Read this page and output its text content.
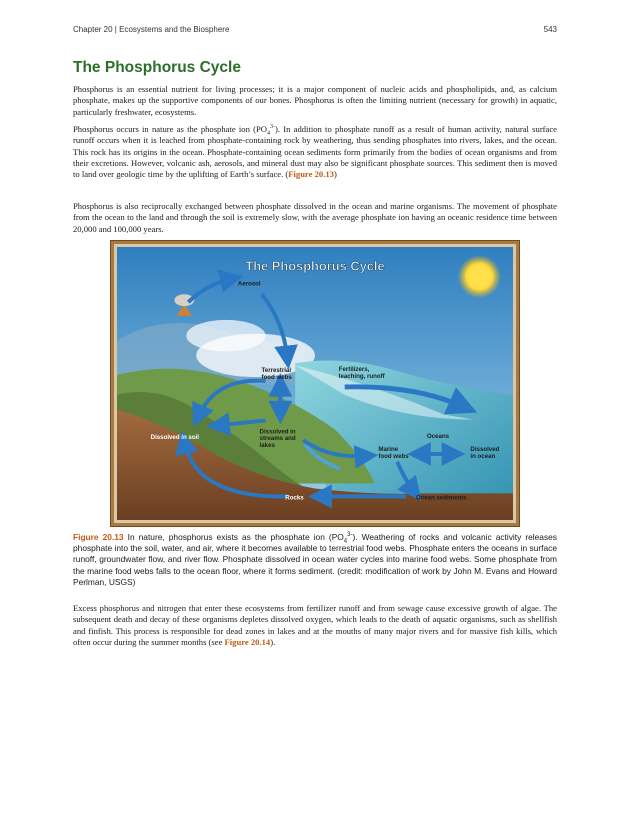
Chapter 20 | Ecosystems and the Biosphere	543
The Phosphorus Cycle

Phosphorus is an essential nutrient for living processes; it is a major component of nucleic acids and phospholipids, and, as calcium phosphate, makes up the supportive components of our bones. Phosphorus is often the limiting nutrient (necessary for growth) in aquatic, particularly freshwater, ecosystems.

Phosphorus occurs in nature as the phosphate ion $(PO_4^{3-})$. In addition to phosphate runoff as a result of human activity, natural surface runoff occurs when it is leached from phosphate-containing rock by weathering, thus sending phosphates into rivers, lakes, and the ocean. This rock has its origins in the ocean. Phosphate-containing ocean sediments form primarily from the bodies of ocean organisms and from their excretions. However, volcanic ash, aerosols, and mineral dust may also be significant phosphate sources. This sediment then is moved to land over geologic time by the uplifting of Earth’s surface. (Figure 20.13)

Phosphorus is also reciprocally exchanged between phosphate dissolved in the ocean and marine organisms. The movement of phosphate from the ocean to the land and through the soil is extremely slow, with the average phosphate ion having an oceanic residence time between 20,000 and 100,000 years.

The Phosphorus Cycle
Aerosol
Terrestrial
food webs
Fertilizers,
leaching, runoff
Dissolved in soil
Dissolved in
streams and
lakes
Oceans
Marine
food webs
Dissolved
in ocean
Rocks	Ocean sediments

Figure 20.13 In nature, phosphorus exists as the phosphate ion $(PO_4^{3-})$. Weathering of rocks and volcanic activity releases phosphate into the soil, water, and air, where it becomes available to terrestrial food webs. Phosphate enters the oceans in surface runoff, groundwater flow, and river flow. Phosphate dissolved in ocean water cycles into marine food webs. Some phosphate from the marine food webs falls to the ocean floor, where it forms sediment. (credit: modification of work by John M. Evans and Howard Perlman, USGS)

Excess phosphorus and nitrogen that enter these ecosystems from fertilizer runoff and from sewage cause excessive growth of algae. The subsequent death and decay of these organisms depletes dissolved oxygen, which leads to the death of aquatic organisms, such as shellfish and finfish. This process is responsible for dead zones in lakes and at the mouths of many major rivers and for massive fish kills, which often occur during the summer months (see Figure 20.14).
